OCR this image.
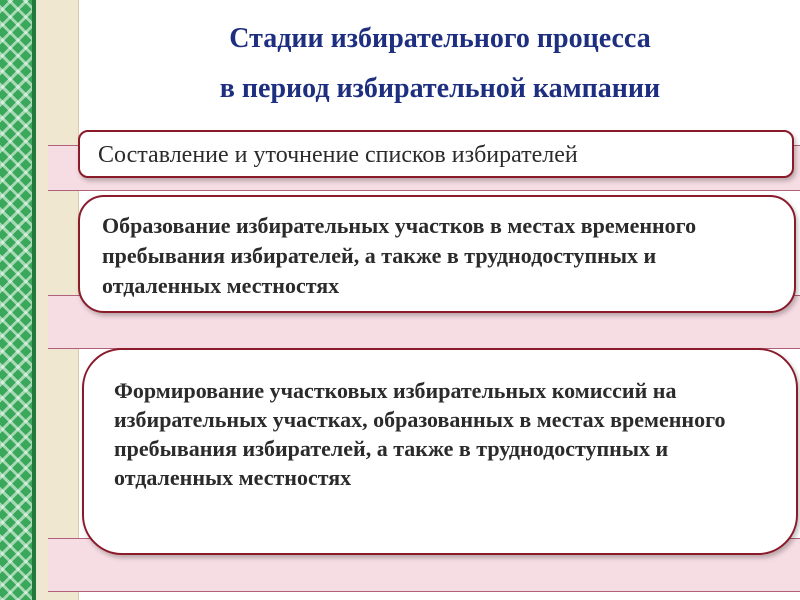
Стадии избирательного процесса
в период избирательной кампании
Составление и уточнение списков избирателей
Образование избирательных участков в местах временного пребывания избирателей, а также в труднодоступных и отдаленных местностях
Формирование участковых избирательных комиссий на избирательных участках, образованных в местах временного пребывания избирателей, а также в труднодоступных и отдаленных местностях
